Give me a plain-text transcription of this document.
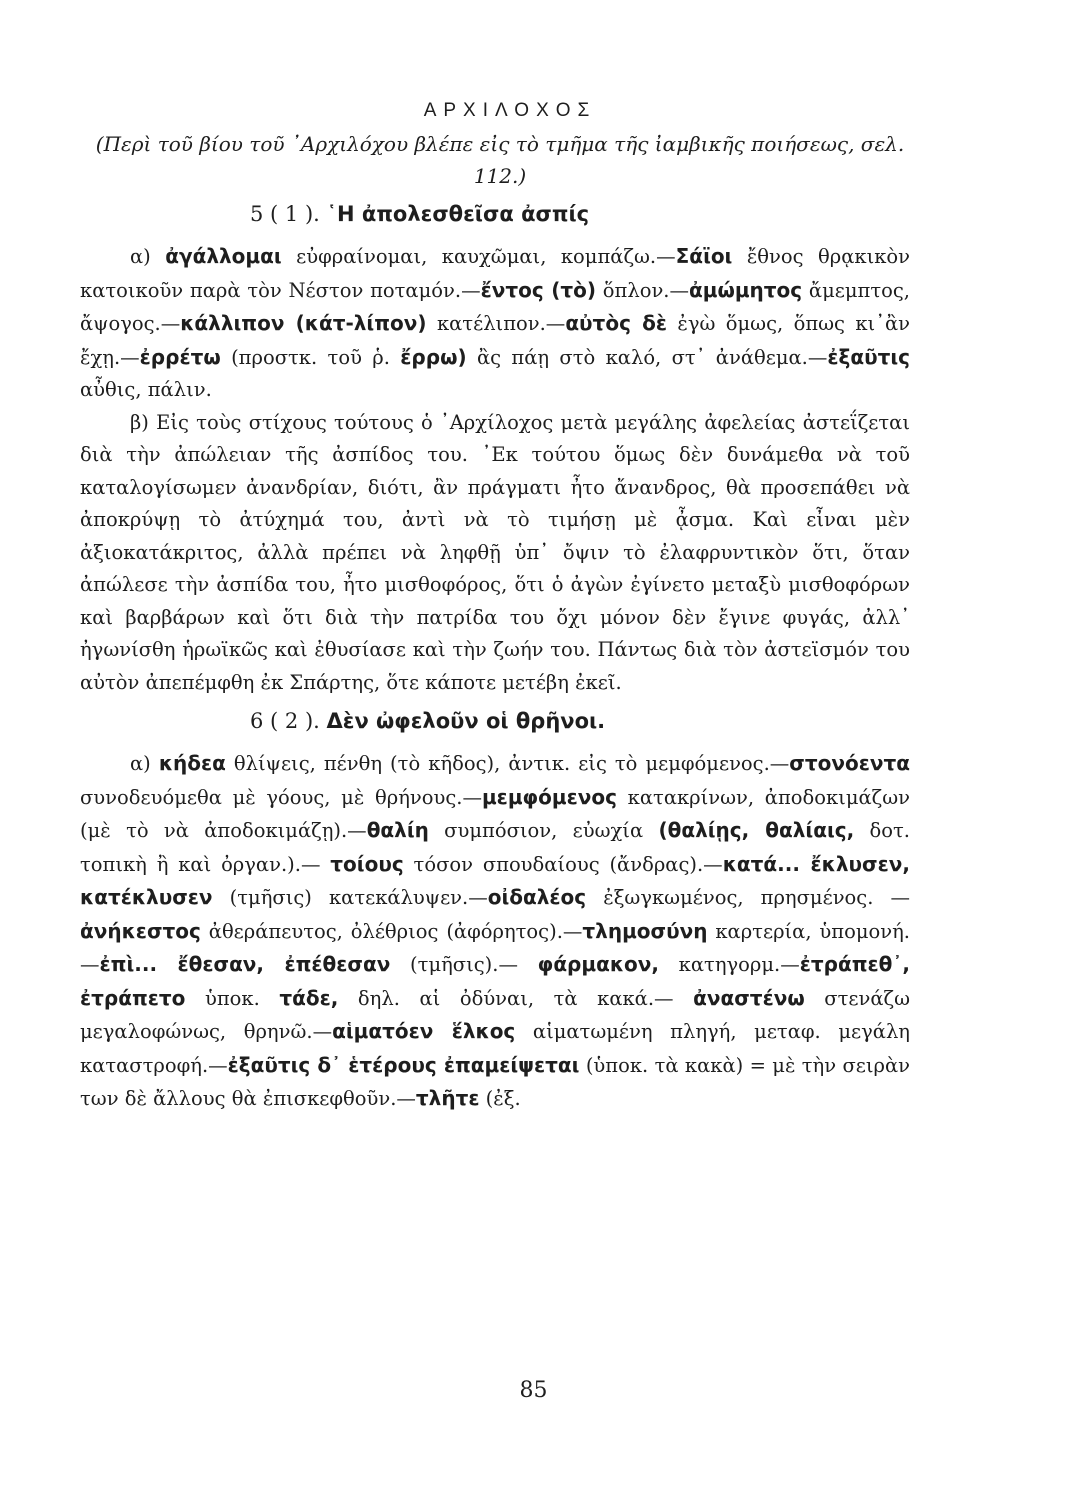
ΑΡΧΙΛΟΧΟΣ
(Περὶ τοῦ βίου τοῦ ᾿Αρχιλόχου βλέπε εἰς τὸ τμῆμα τῆς ἰαμβικῆς ποιήσεως, σελ. 112.)
5 ( 1 ). ῾Η ἀπολεσθεῖσα ἀσπίς

α) ἀγάλλομαι εὐφραίνομαι, καυχῶμαι, κομπάζω.—Σάϊοι ἔθνος θρᾳκικὸν κατοικοῦν παρὰ τὸν Νέστον ποταμόν.—ἔντος (τὸ) ὅπλον.—ἀμώμητος ἄμεμπτος, ἄψογος.—κάλλιπον (κάτ-λίπον) κατέλιπον.—αὐτὸς δὲ ἐγὼ ὅμως, ὅπως κι᾿ἂν ἔχῃ.—ἐρρέτω (προστκ. τοῦ ῥ. ἔρρω) ἂς πάῃ στὸ καλό, στ᾿ ἀνάθεμα.—ἐξαῦτις αὖθις, πάλιν.

β) Εἰς τοὺς στίχους τούτους ὁ ᾿Αρχίλοχος μετὰ μεγάλης ἀφελείας ἀστεΐζεται διὰ τὴν ἀπώλειαν τῆς ἀσπίδος του. ᾿Εκ τούτου ὅμως δὲν δυνάμεθα νὰ τοῦ καταλογίσωμεν ἀνανδρίαν, διότι, ἂν πράγματι ἦτο ἄνανδρος, θὰ προσεπάθει νὰ ἀποκρύψῃ τὸ ἀτύχημά του, ἀντὶ νὰ τὸ τιμήσῃ μὲ ᾆσμα. Καὶ εἶναι μὲν ἀξιοκατάκριτος, ἀλλὰ πρέπει νὰ ληφθῇ ὑπ᾿ ὄψιν τὸ ἐλαφρυντικὸν ὅτι, ὅταν ἀπώλεσε τὴν ἀσπίδα του, ἦτο μισθοφόρος, ὅτι ὁ ἀγὼν ἐγίνετο μεταξὺ μισθοφόρων καὶ βαρβάρων καὶ ὅτι διὰ τὴν πατρίδα του ὄχι μόνον δὲν ἔγινε φυγάς, ἀλλ᾿ ἠγωνίσθη ἡρωϊκῶς καὶ ἐθυσίασε καὶ τὴν ζωήν του. Πάντως διὰ τὸν ἀστεϊσμόν του αὐτὸν ἀπεπέμφθη ἐκ Σπάρτης, ὅτε κάποτε μετέβη ἐκεῖ.

6 ( 2 ). Δὲν ὠφελοῦν οἱ θρῆνοι.

α) κήδεα θλίψεις, πένθη (τὸ κῆδος), ἀντικ. εἰς τὸ μεμφόμενος.—στονόεντα συνοδευόμεθα μὲ γόους, μὲ θρήνους.—μεμφόμενος κατακρίνων, ἀποδοκιμάζων (μὲ τὸ νὰ ἀποδοκιμάζῃ).—θαλίη συμπόσιον, εὐωχία (θαλίῃς, θαλίαις, δοτ. τοπικὴ ἢ καὶ ὀργαν.).— τοίους τόσον σπουδαίους (ἄνδρας).—κατά... ἔκλυσεν, κατέκλυσεν (τμῆσις) κατεκάλυψεν.—οἰδαλέος ἐξωγκωμένος, πρησμένος. — ἀνήκεστος ἀθεράπευτος, ὀλέθριος (ἀφόρητος).—τλημοσύνη καρτερία, ὑπομονή.—ἐπὶ... ἔθεσαν, ἐπέθεσαν (τμῆσις).— φάρμακον, κατηγορμ.—ἐτράπεθ᾿, ἐτράπετο ὑποκ. τάδε, δηλ. αἱ ὀδύναι, τὰ κακά.— ἀναστένω στενάζω μεγαλοφώνως, θρηνῶ.—αἱματόεν ἕλκος αἱματωμένη πληγή, μεταφ. μεγάλη καταστροφή.—ἐξαῦτις δ᾿ ἑτέρους ἐπαμείψεται (ὑποκ. τὰ κακὰ) = μὲ τὴν σειρὰν των δὲ ἄλλους θὰ ἐπισκεφθοῦν.—τλῆτε (ἐξ.

85
